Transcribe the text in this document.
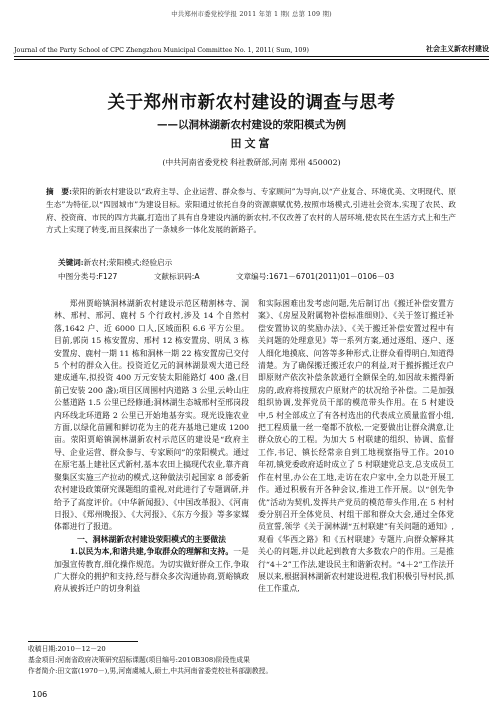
中共郑州市委党校学报 2011 年第 1 期( 总第 109 期)
Journal of the Party School of CPC Zhengzhou Municipal Committee No. 1, 2011( Sum, 109)	社会主义新农村建设
关于郑州市新农村建设的调查与思考
——以洞林湖新农村建设的荥阳模式为例
田文富
(中共河南省委党校 科社教研部,河南 郑州 450002)
摘　要:荥阳的新农村建设以“政府主导、企业运营、群众参与、专家顾问”为导向,以“产业复合、环境优美、文明现代、原生态”为特征,以“四园城市”为建设目标。荥阳通过依托自身的资源禀赋优势,按照市场模式,引进社会资本,实现了农民、政府、投资商、市民的四方共赢,打造出了具有自身建设内涵的新农村,不仅改善了农村的人居环境,使农民在生活方式上和生产方式上实现了转变,而且探索出了一条城乡一体化发展的新路子。
关键词:新农村;荥阳模式;经验启示
中图分类号:F127	文献标识码:A	文章编号:1671－6701(2011)01－0106－03

郑州贾峪镇洞林湖新农村建设示范区精割林寺、洞林、邢村、邢河、鹿村 5 个行政村,涉及 14 个自然村落,1642 户、近 6000 口人,区域面积 6.6 平方公里。目前,郭岗 15 栋安置房、邢村 12 栋安置房、明凤 3 栋安置房、鹿村一期 11 栋和洞林一期 22 栋安置房已交付 5 个村的群众入住。投资近亿元的洞林湖景观大道已经建成通车,拟投资 400 万元安装太阳能路灯 400 盏,(目前已安装 200 盏);项目区周围村内道路 3 公里,云岭山庄公墓道路 1.5 公里已经修通;洞林湖生态城邢村至邢岗段内环线北环道路 2 公里已开始地基夯实。现光设施农业方面,以绿化苗圃和鲜切花为主的花卉基地已建成 1200 亩。荥阳贾峪镇洞林湖新农村示范区的建设是“政府主导、企业运营、群众参与、专家顾问”的荥阳模式。通过在原宅基上建社区式新村,基本农田上搞现代农业,靠齐商聚集区实施三产拉动的模式,这种做法引起国家 8 部委新农村建设政策研究课题组的重视,对此进行了专题调研,并给予了高度评价。《中华新闻报》、《中国改革报》、《河南日报》、《郑州晚报》、《大河报》、《东方今报》等多家媒体都进行了报道。

一、洞林湖新农村建设荥阳模式的主要做法

1.以民为本,和谐共建,争取群众的理解和支持。一是加强宣传教育,细化操作规范。为切实做好群众工作,争取广大群众的拥护和支持,经与群众多次沟通协商,贾峪镇政府从被拆迁户的切身利益

和实际困难出发考虑问题,先后制订出《搬迁补偿安置方案》、《房屋及附属物补偿标准细则》、《关于签订搬迁补偿安置协议的奖励办法》、《关于搬迁补偿安置过程中有关问题的处理意见》等一系列方案,通过逐组、逐户、逐人细化地摸底、问答等多种形式,让群众看得明白,知道得清楚。为了确保搬迁搬迁农户的利益,对于搬拆搬迁农户即原财产依次补偿条款通行全额保全的,如因故未搬得新房的,政府将按照农户原财产的状况给予补偿。二是加强组织协调,发挥党员干部的模范带头作用。在 5 村建设中,5 村全部成立了有各村选出的代表成立质量监督小组,把工程质量一丝一毫都不放松,一定要做出让群众满意,让群众放心的工程。为加大 5 村联建的组织、协调、监督工作,书记、镇长经常亲自到工地视察指导工作。2010 年初,镇党委政府适时成立了 5 村联建党总支,总支成员工作在村里,办公在工地,走访在农户家中,全力以赴开展工作。通过积极有开各种会议,推进工作开展。以“创先争优”活动为契机,发挥共产党员的模范带头作用,在 5 村村委分别召开全体党员、村组干部和群众大会,通过全体党员宣誓,领学《关于洞林湖“五村联建”有关问题的通知》,观看《华西之路》和《五村联建》专题片,向群众解释其关心的问题,并以此起到教育大多数农户的作用。三是推行“4＋2”工作法,建设民主和谐新农村。“4＋2”工作法开展以来,根据洞林湖新农村建设进程,我们积极引导村民,抓住工作重点,

收稿日期:2010－12－20
基金项目:河南省政府决策研究招标课题(项目编号:2010B308)阶段性成果
作者简介:田文富(1970－),男,河南虞城人,硕士,中共河南省委党校社科部副教授。
106
